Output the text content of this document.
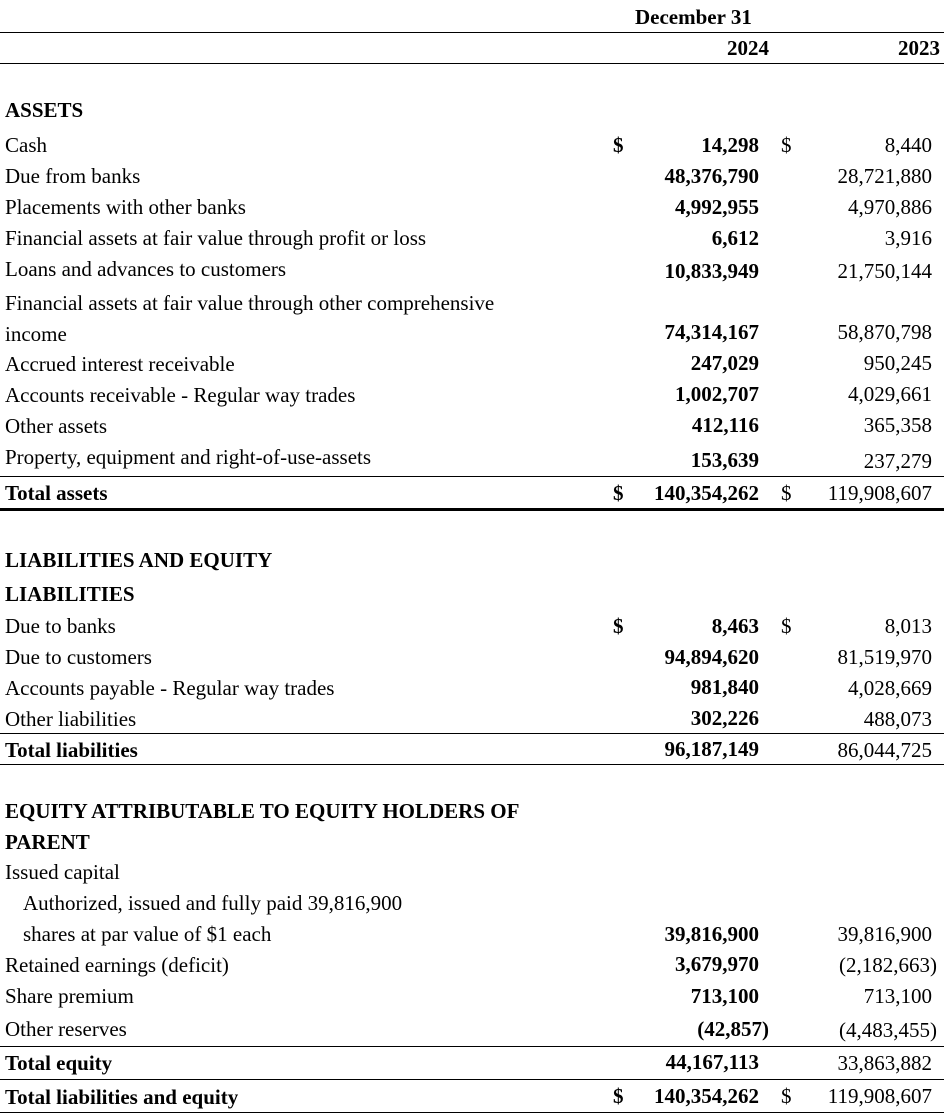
December 31
2024	2023
ASSETS
Cash	$	14,298 $	8,440
Due from banks	48,376,790	28,721,880
Placements with other banks	4,992,955	4,970,886
Financial assets at fair value through profit or loss	6,612	3,916
Loans and advances to customers	10,833,949	21,750,144
Financial assets at fair value through other comprehensive
income	74,314,167	58,870,798
Accrued interest receivable	247,029	950,245
Accounts receivable - Regular way trades	1,002,707	4,029,661
Other assets	412,116	365,358
Property, equipment and right-of-use-assets	153,639	237,279
Total assets	$ 140,354,262 $ 119,908,607
LIABILITIES AND EQUITY
LIABILITIES
Due to banks	$	8,463 $	8,013
Due to customers	94,894,620	81,519,970
Accounts payable - Regular way trades	981,840	4,028,669
Other liabilities	302,226	488,073
Total liabilities	96,187,149	86,044,725
EQUITY ATTRIBUTABLE TO EQUITY HOLDERS OF
PARENT
Issued capital
Authorized, issued and fully paid 39,816,900
shares at par value of $1 each	39,816,900	39,816,900
Retained earnings (deficit)	3,679,970	(2,182,663)
Share premium	713,100	713,100
Other reserves	(42,857)	(4,483,455)
Total equity	44,167,113	33,863,882
Total liabilities and equity	$ 140,354,262 $ 119,908,607
